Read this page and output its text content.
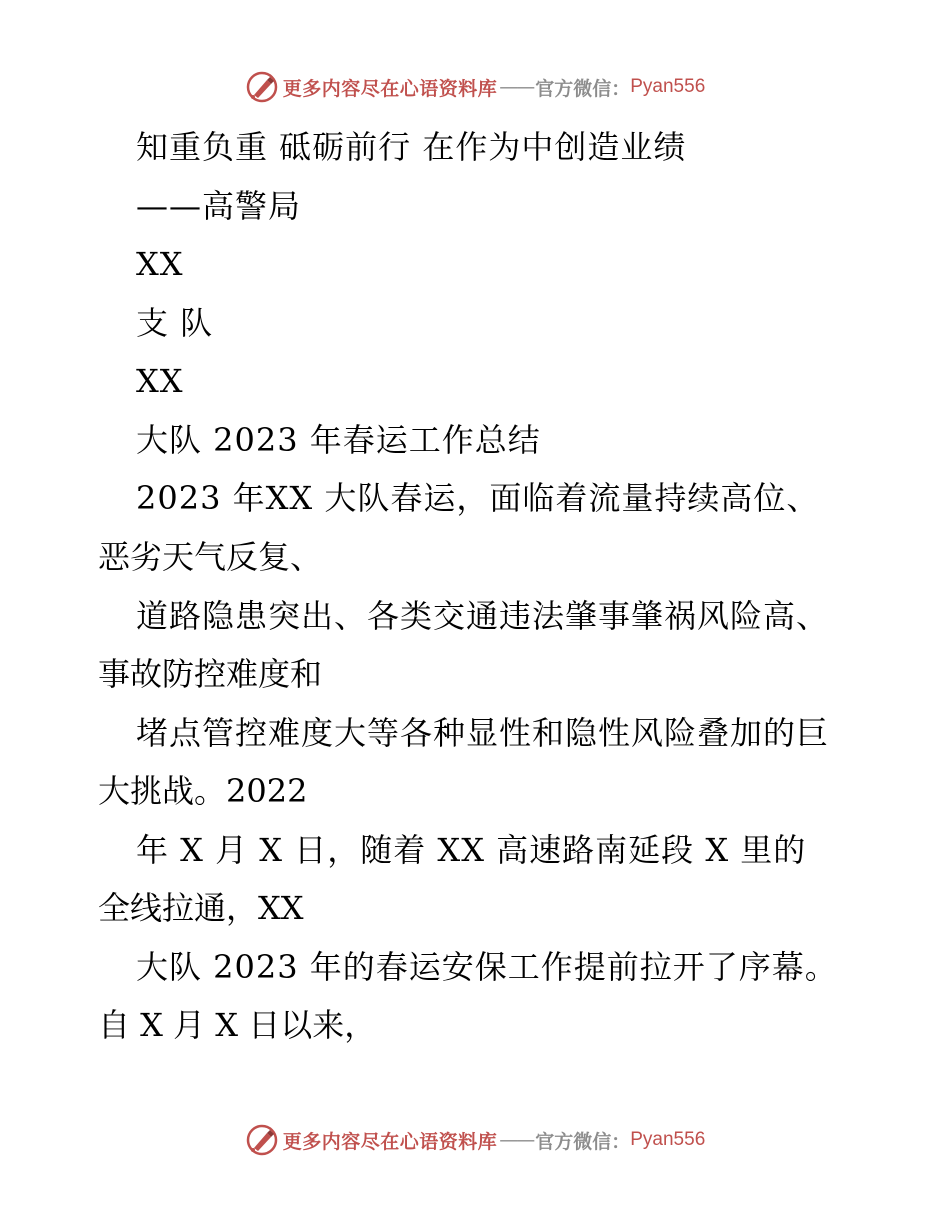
更多内容尽在心语资料库 —— 官方微信： Pyan556
知重负重 砥砺前行 在作为中创造业绩
——高警局
XX
支 队
XX
大队 2023 年春运工作总结
2023 年XX 大队春运，面临着流量持续高位、
恶劣天气反复、
道路隐患突出、各类交通违法肇事肇祸风险高、
事故防控难度和
堵点管控难度大等各种显性和隐性风险叠加的巨
大挑战。2022
年 X 月 X 日，随着 XX 高速路南延段 X 里的
全线拉通，XX
大队 2023 年的春运安保工作提前拉开了序幕。
自 X 月 X 日以来，
更多内容尽在心语资料库 —— 官方微信： Pyan556
